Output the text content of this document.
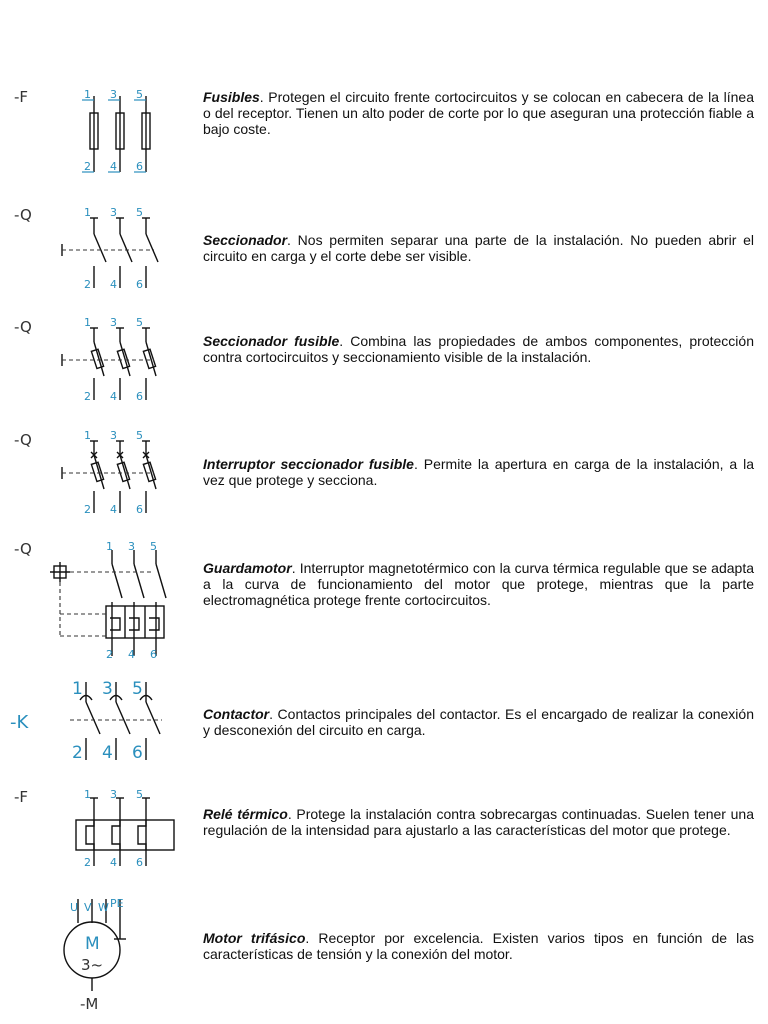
-F	1 3 5
2 4 6

Fusibles. Protegen el circuito frente cortocircuitos y se colocan en cabecera de la línea o del receptor. Tienen un alto poder de corte por lo que aseguran una protección fiable a bajo coste.

-Q	1 3 5
2 4 6

Seccionador. Nos permiten separar una parte de la instalación. No pueden abrir el circuito en carga y el corte debe ser visible.

-Q	1 3 5
2 4 6

Seccionador fusible. Combina las propiedades de ambos componentes, protección contra cortocircuitos y seccionamiento visible de la instalación.

-Q	1 3 5
2 4 6

Interruptor seccionador fusible. Permite la apertura en carga de la instalación, a la vez que protege y secciona.

-Q	1 3 5
2 4 6

Guardamotor. Interruptor magnetotérmico con la curva térmica regulable que se adapta a la curva de funcionamiento del motor que protege, mientras que la parte electromagnética protege frente cortocircuitos.

-K
1 3 5
2 4 6

Contactor. Contactos principales del contactor. Es el encargado de realizar la conexión y desconexión del circuito en carga.

-F	1 3 5
2 4 6

Relé térmico. Protege la instalación contra sobrecargas continuadas. Suelen tener una regulación de la intensidad para ajustarlo a las características del motor que protege.

U V W PE
M
3~
-M

Motor trifásico. Receptor por excelencia. Existen varios tipos en función de las características de tensión y la conexión del motor.
